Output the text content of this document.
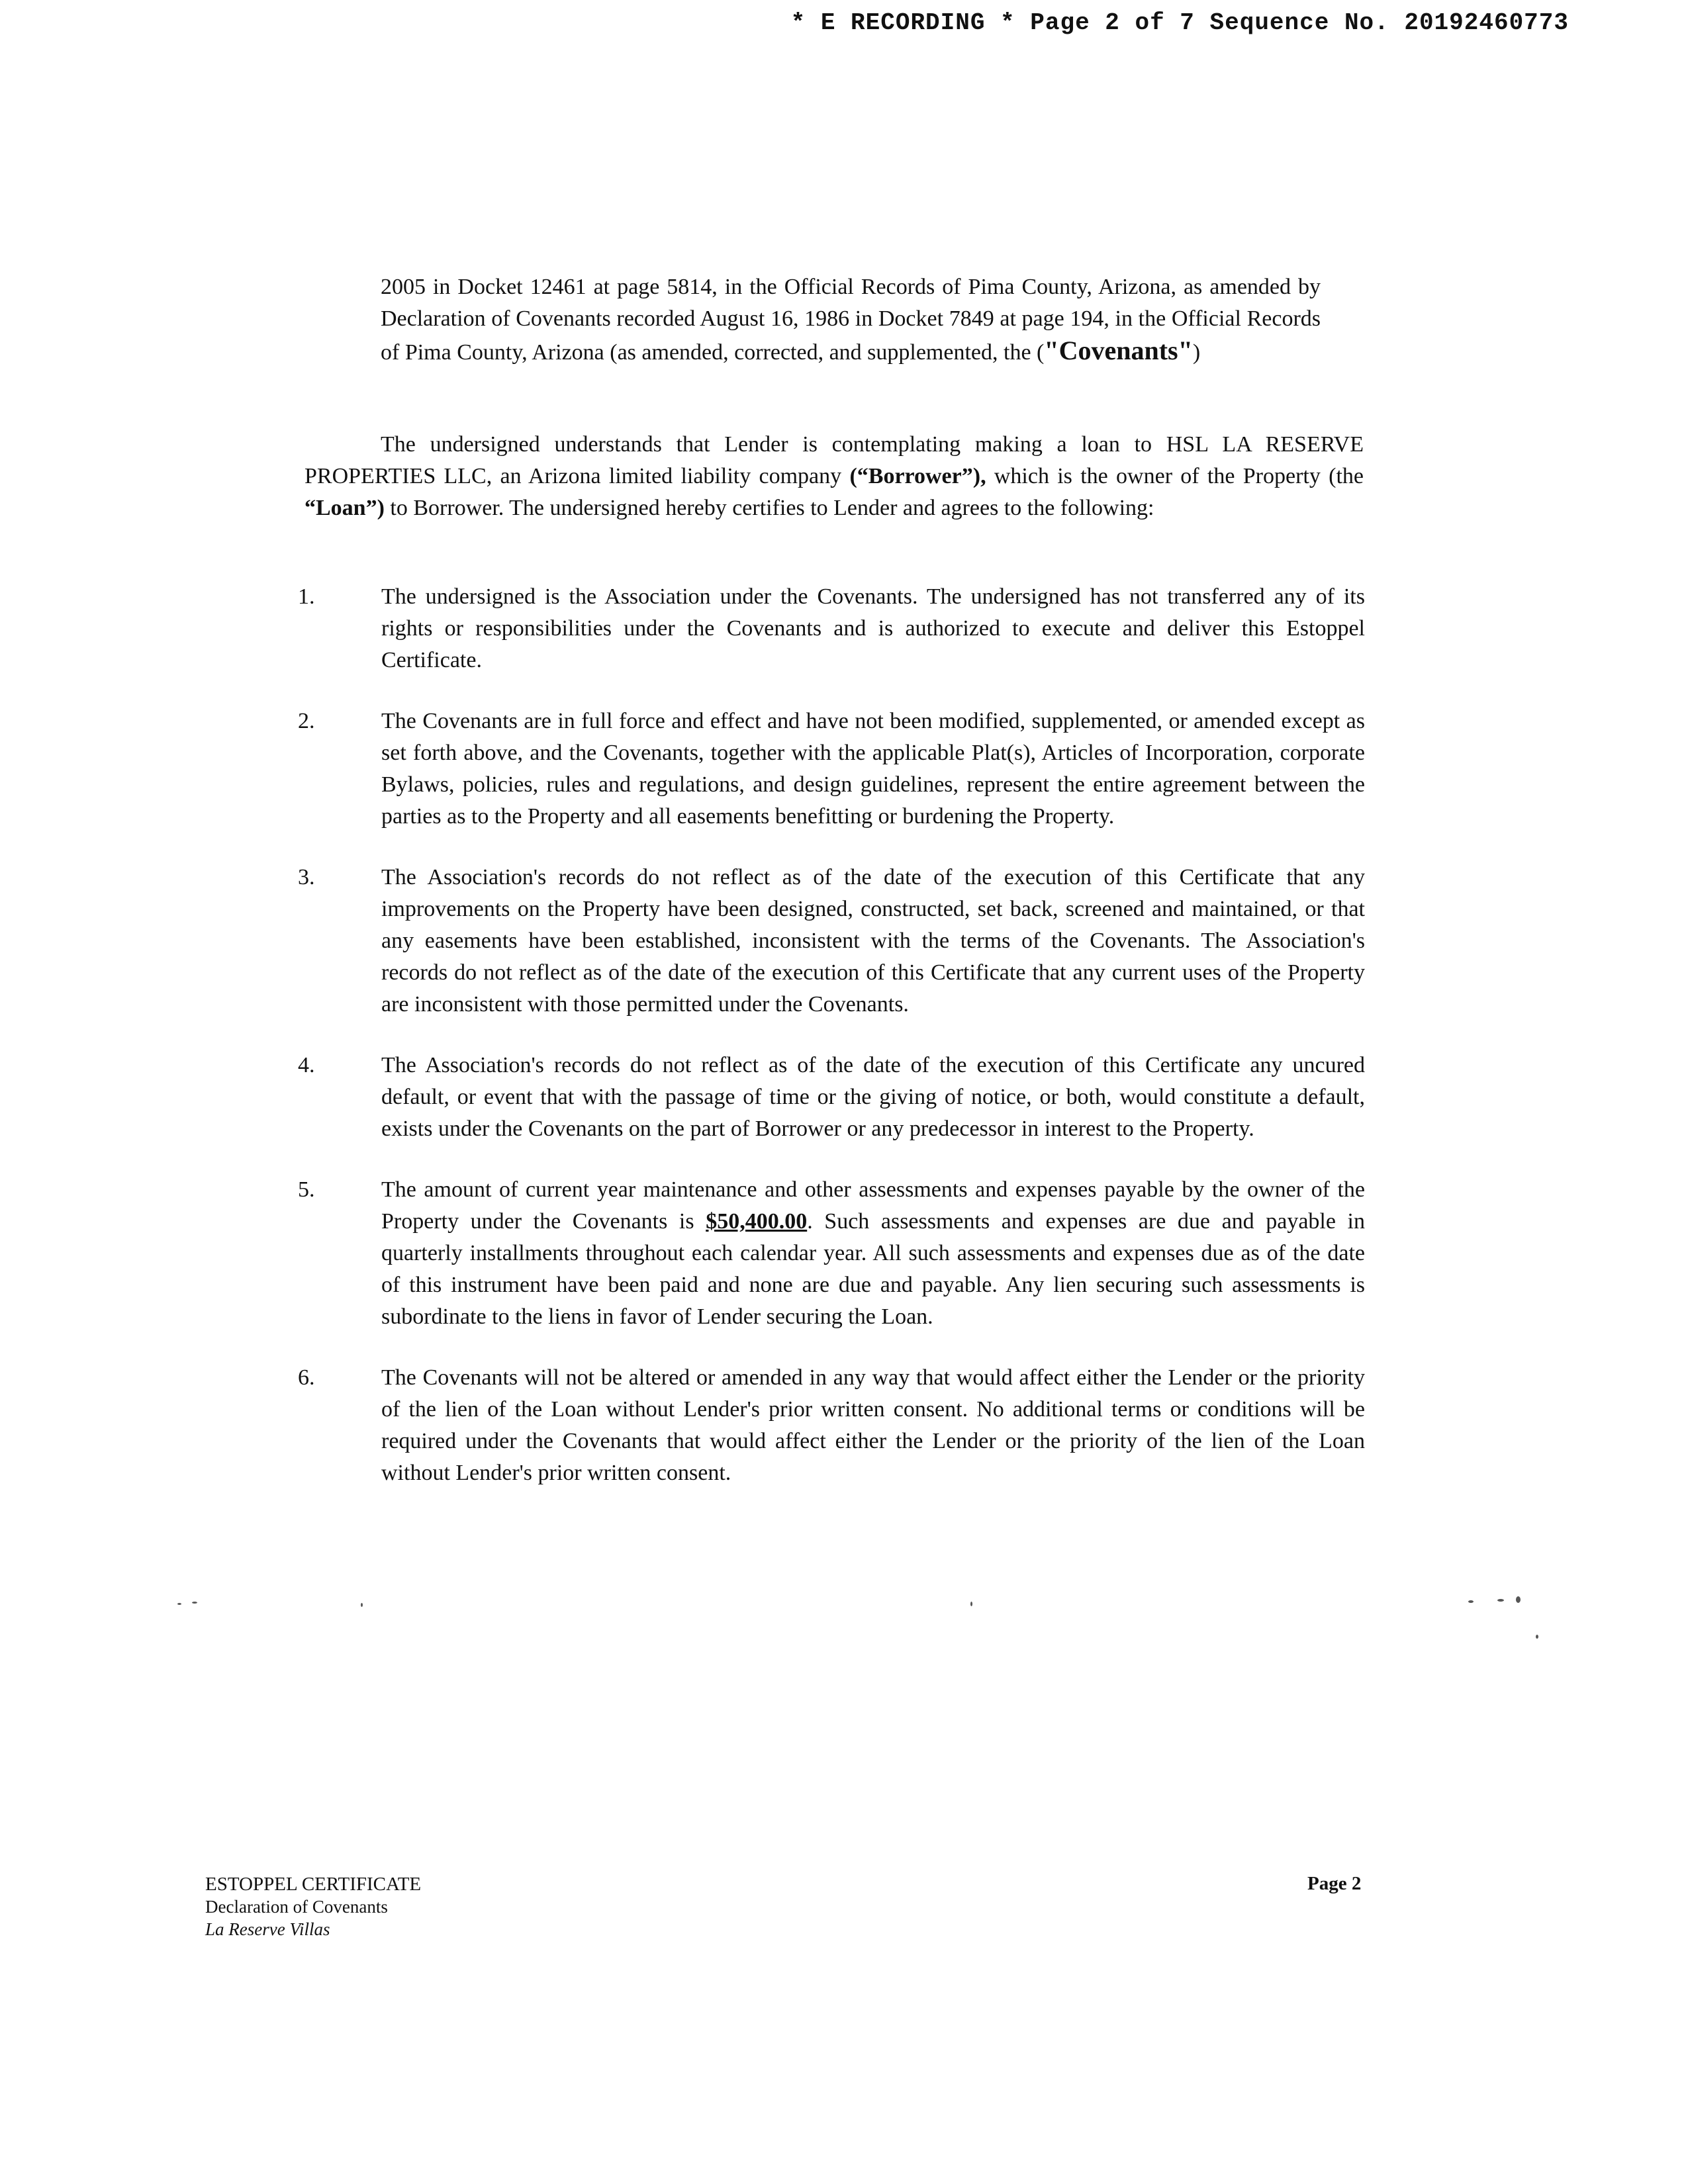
* E RECORDING * Page 2 of 7 Sequence No. 20192460773
2005 in Docket 12461 at page 5814, in the Official Records of Pima County, Arizona, as amended by Declaration of Covenants recorded August 16, 1986 in Docket 7849 at page 194, in the Official Records of Pima County, Arizona (as amended, corrected, and supplemented, the ("Covenants")
The undersigned understands that Lender is contemplating making a loan to HSL LA RESERVE PROPERTIES LLC, an Arizona limited liability company (“Borrower”), which is the owner of the Property (the “Loan”) to Borrower. The undersigned hereby certifies to Lender and agrees to the following:
1.	The undersigned is the Association under the Covenants. The undersigned has not transferred any of its rights or responsibilities under the Covenants and is authorized to execute and deliver this Estoppel Certificate.
2.	The Covenants are in full force and effect and have not been modified, supplemented, or amended except as set forth above, and the Covenants, together with the applicable Plat(s), Articles of Incorporation, corporate Bylaws, policies, rules and regulations, and design guidelines, represent the entire agreement between the parties as to the Property and all easements benefitting or burdening the Property.
3.	The Association's records do not reflect as of the date of the execution of this Certificate that any improvements on the Property have been designed, constructed, set back, screened and maintained, or that any easements have been established, inconsistent with the terms of the Covenants. The Association's records do not reflect as of the date of the execution of this Certificate that any current uses of the Property are inconsistent with those permitted under the Covenants.
4.	The Association's records do not reflect as of the date of the execution of this Certificate any uncured default, or event that with the passage of time or the giving of notice, or both, would constitute a default, exists under the Covenants on the part of Borrower or any predecessor in interest to the Property.
5.	The amount of current year maintenance and other assessments and expenses payable by the owner of the Property under the Covenants is $50,400.00. Such assessments and expenses are due and payable in quarterly installments throughout each calendar year. All such assessments and expenses due as of the date of this instrument have been paid and none are due and payable. Any lien securing such assessments is subordinate to the liens in favor of Lender securing the Loan.
6.	The Covenants will not be altered or amended in any way that would affect either the Lender or the priority of the lien of the Loan without Lender's prior written consent. No additional terms or conditions will be required under the Covenants that would affect either the Lender or the priority of the lien of the Loan without Lender's prior written consent.
ESTOPPEL CERTIFICATE
Declaration of Covenants
La Reserve Villas
Page 2
